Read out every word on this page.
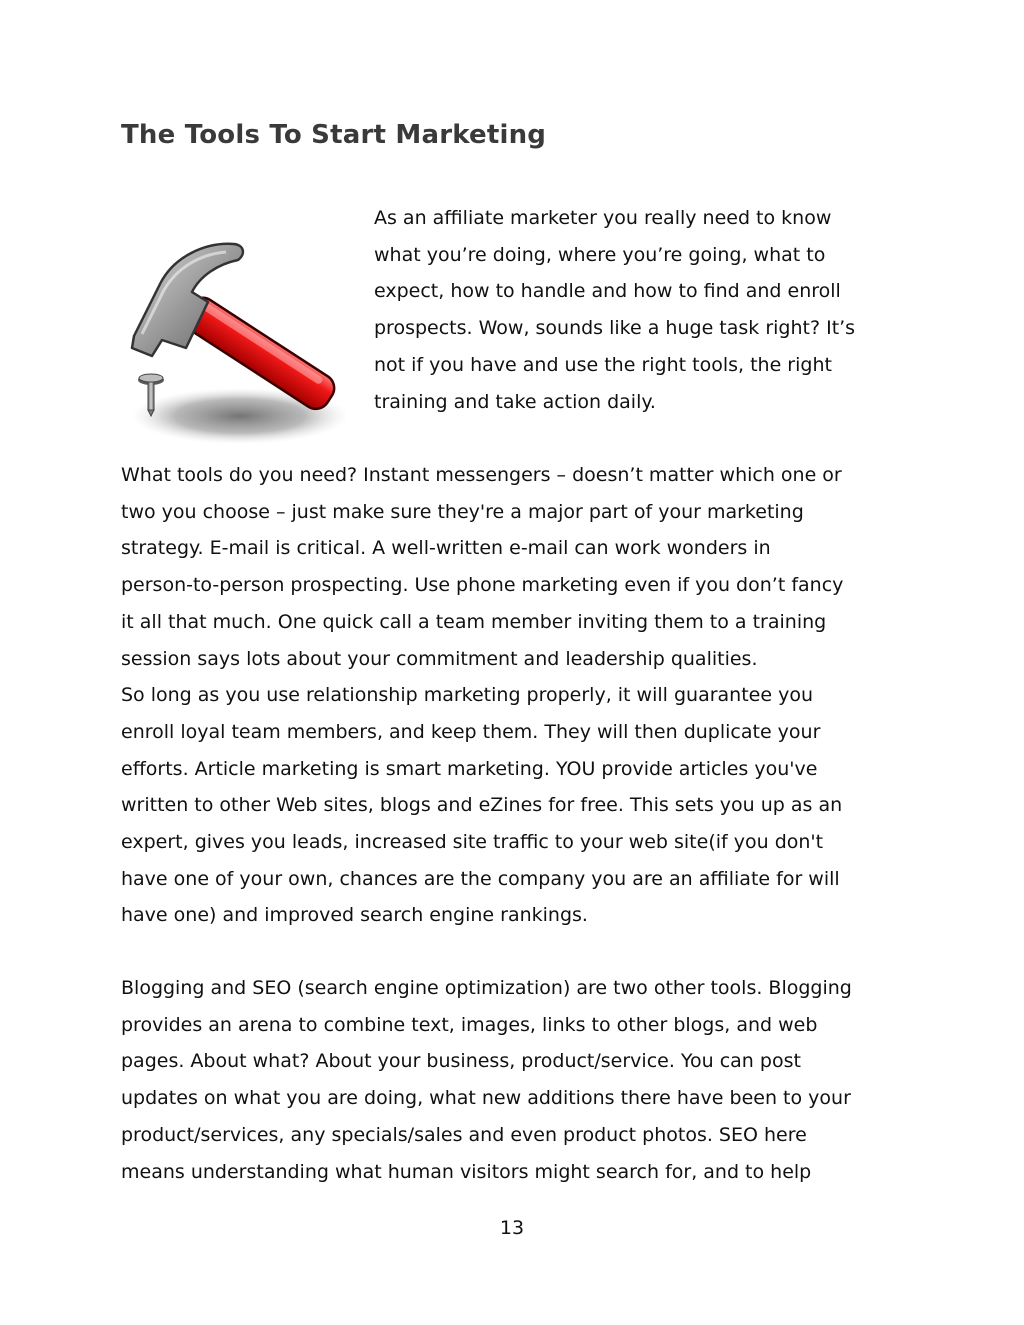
The Tools To Start Marketing

As an affiliate marketer you really need to know
what you’re doing, where you’re going, what to
expect, how to handle and how to find and enroll
prospects. Wow, sounds like a huge task right? It’s
not if you have and use the right tools, the right
training and take action daily.

What tools do you need? Instant messengers – doesn’t matter which one or
two you choose – just make sure they're a major part of your marketing
strategy. E-mail is critical. A well-written e-mail can work wonders in
person-to-person prospecting. Use phone marketing even if you don’t fancy
it all that much. One quick call a team member inviting them to a training
session says lots about your commitment and leadership qualities.
So long as you use relationship marketing properly, it will guarantee you
enroll loyal team members, and keep them. They will then duplicate your
efforts. Article marketing is smart marketing. YOU provide articles you've
written to other Web sites, blogs and eZines for free. This sets you up as an
expert, gives you leads, increased site traffic to your web site(if you don't
have one of your own, chances are the company you are an affiliate for will
have one) and improved search engine rankings.

Blogging and SEO (search engine optimization) are two other tools. Blogging
provides an arena to combine text, images, links to other blogs, and web
pages. About what? About your business, product/service. You can post
updates on what you are doing, what new additions there have been to your
product/services, any specials/sales and even product photos. SEO here
means understanding what human visitors might search for, and to help

13
